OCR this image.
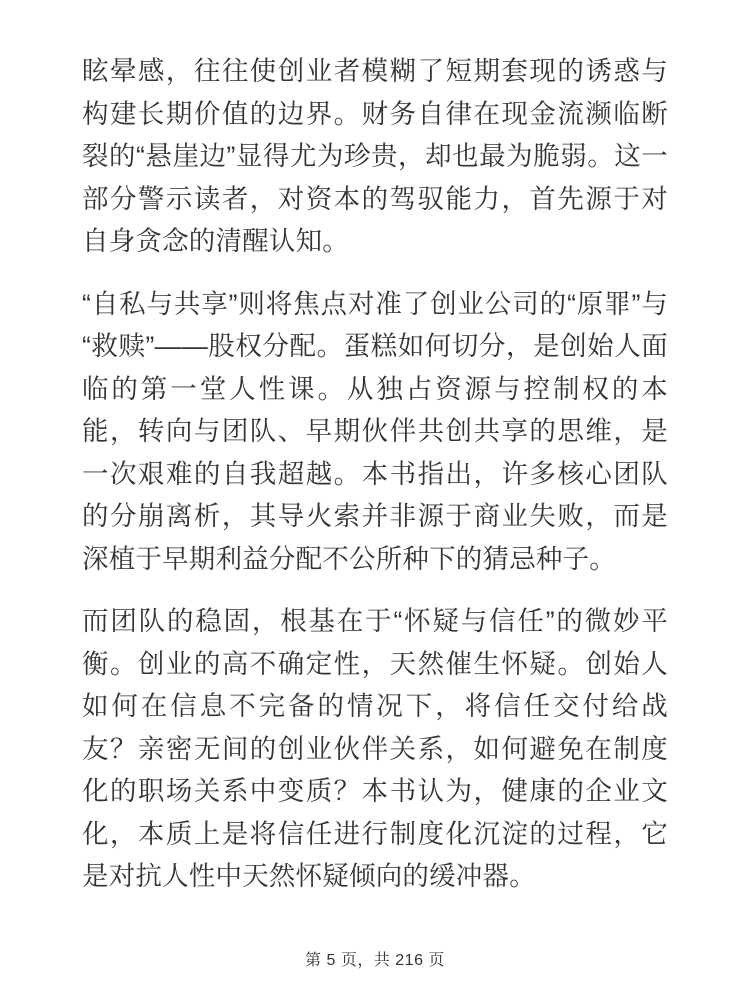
眩晕感，往往使创业者模糊了短期套现的诱惑与构建长期价值的边界。财务自律在现金流濒临断裂的“悬崖边”显得尤为珍贵，却也最为脆弱。这一部分警示读者，对资本的驾驭能力，首先源于对自身贪念的清醒认知。

“自私与共享”则将焦点对准了创业公司的“原罪”与“救赎”——股权分配。蛋糕如何切分，是创始人面临的第一堂人性课。从独占资源与控制权的本能，转向与团队、早期伙伴共创共享的思维，是一次艰难的自我超越。本书指出，许多核心团队的分崩离析，其导火索并非源于商业失败，而是深植于早期利益分配不公所种下的猜忌种子。

而团队的稳固，根基在于“怀疑与信任”的微妙平衡。创业的高不确定性，天然催生怀疑。创始人如何在信息不完备的情况下，将信任交付给战友？亲密无间的创业伙伴关系，如何避免在制度化的职场关系中变质？本书认为，健康的企业文化，本质上是将信任进行制度化沉淀的过程，它是对抗人性中天然怀疑倾向的缓冲器。

第 5 页，共 216 页
